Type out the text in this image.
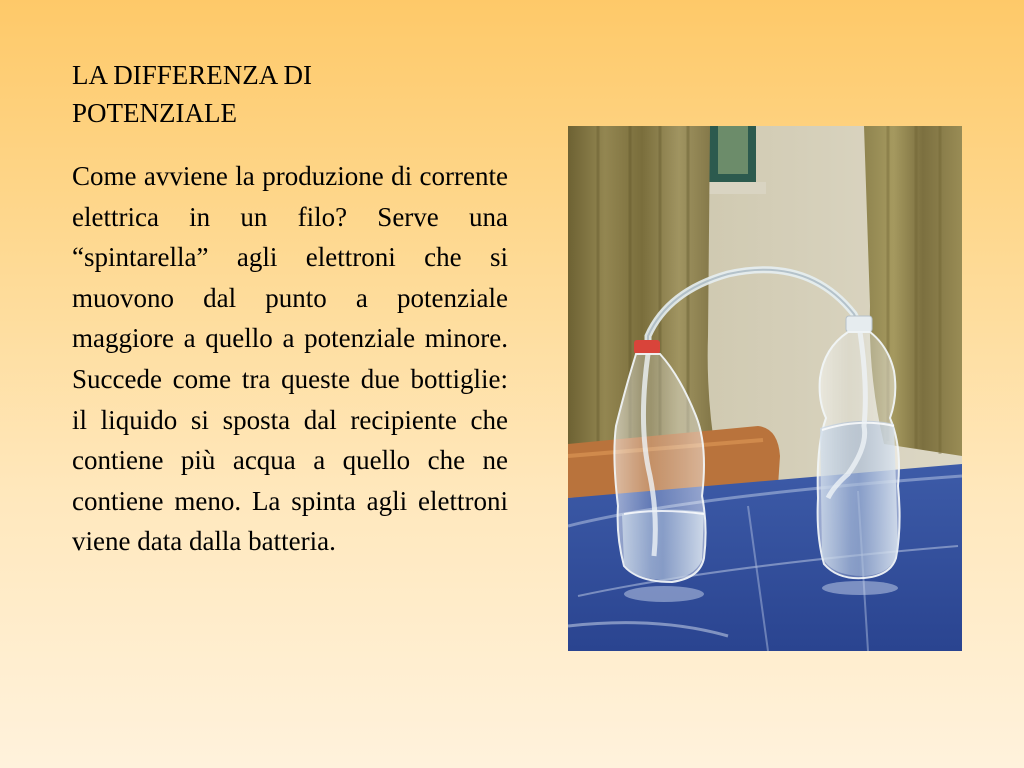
LA DIFFERENZA DI
POTENZIALE

Come avviene la produzione di corrente elettrica in un filo? Serve una “spintarella” agli elettroni che si muovono dal punto a potenziale maggiore a quello a potenziale minore. Succede come tra queste due bottiglie: il liquido si sposta dal recipiente che contiene più acqua a quello che ne contiene meno. La spinta agli elettroni viene data dalla batteria.
